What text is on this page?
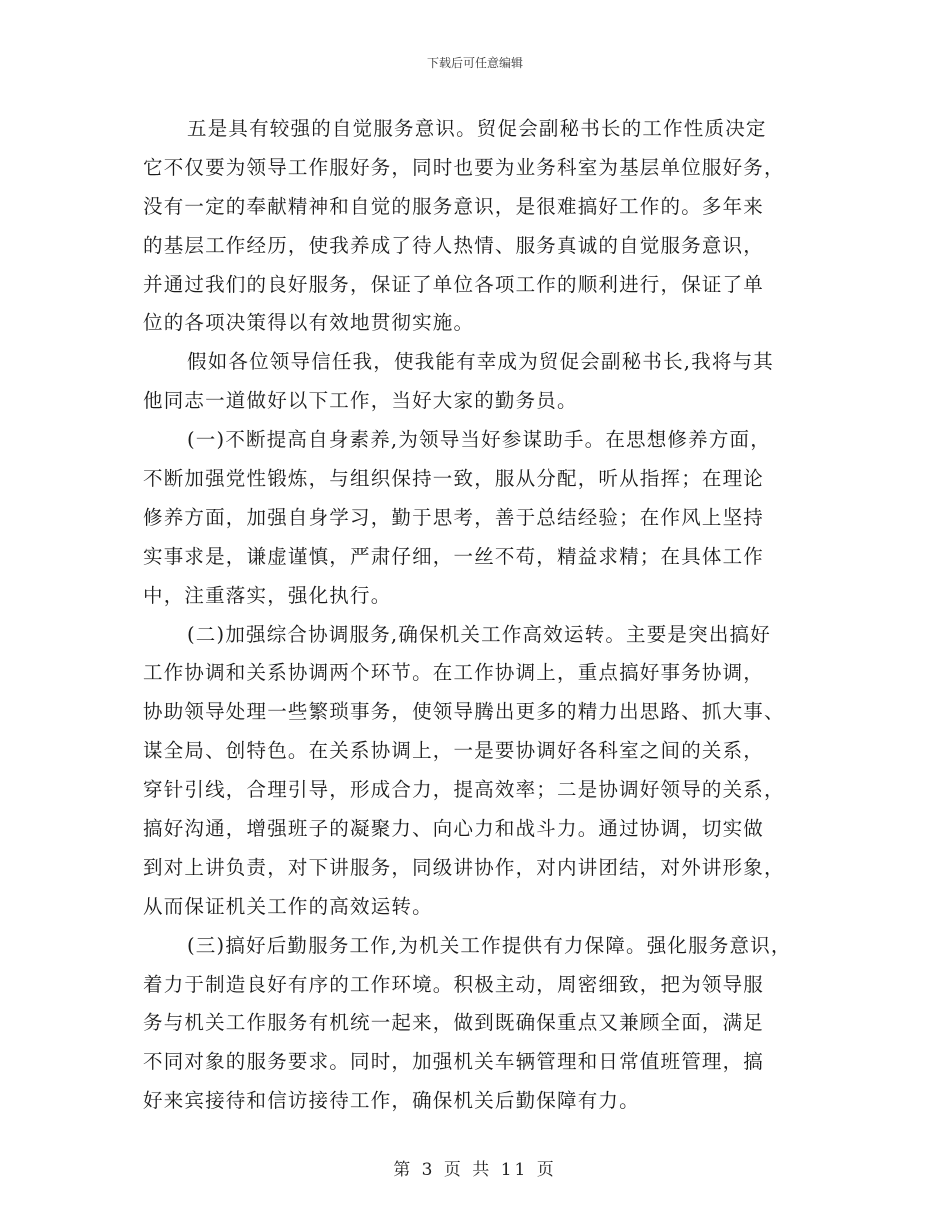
下载后可任意编辑
五是具有较强的自觉服务意识。贸促会副秘书长的工作性质决定
它不仅要为领导工作服好务，同时也要为业务科室为基层单位服好务，
没有一定的奉献精神和自觉的服务意识，是很难搞好工作的。多年来
的基层工作经历，使我养成了待人热情、服务真诚的自觉服务意识，
并通过我们的良好服务，保证了单位各项工作的顺利进行，保证了单
位的各项决策得以有效地贯彻实施。
假如各位领导信任我，使我能有幸成为贸促会副秘书长,我将与其
他同志一道做好以下工作，当好大家的勤务员。
(一)不断提高自身素养,为领导当好参谋助手。在思想修养方面，
不断加强党性锻炼，与组织保持一致，服从分配，听从指挥；在理论
修养方面，加强自身学习，勤于思考，善于总结经验；在作风上坚持
实事求是，谦虚谨慎，严肃仔细，一丝不苟，精益求精；在具体工作
中，注重落实，强化执行。
(二)加强综合协调服务,确保机关工作高效运转。主要是突出搞好
工作协调和关系协调两个环节。在工作协调上，重点搞好事务协调，
协助领导处理一些繁琐事务，使领导腾出更多的精力出思路、抓大事、
谋全局、创特色。在关系协调上，一是要协调好各科室之间的关系，
穿针引线，合理引导，形成合力，提高效率；二是协调好领导的关系，
搞好沟通，增强班子的凝聚力、向心力和战斗力。通过协调，切实做
到对上讲负责，对下讲服务，同级讲协作，对内讲团结，对外讲形象，
从而保证机关工作的高效运转。
(三)搞好后勤服务工作,为机关工作提供有力保障。强化服务意识，
着力于制造良好有序的工作环境。积极主动，周密细致，把为领导服
务与机关工作服务有机统一起来，做到既确保重点又兼顾全面，满足
不同对象的服务要求。同时，加强机关车辆管理和日常值班管理，搞
好来宾接待和信访接待工作，确保机关后勤保障有力。
第 3 页 共 11 页
